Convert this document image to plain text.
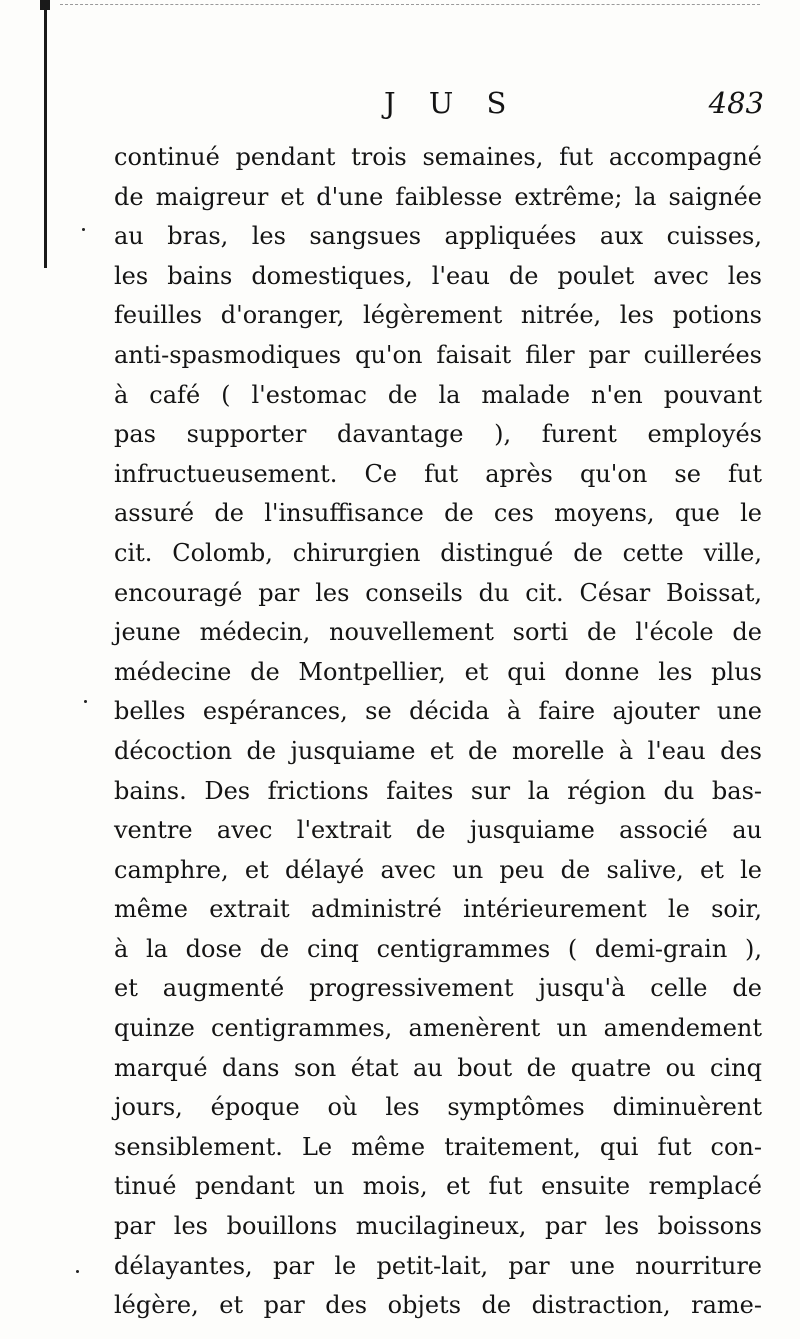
J U S	483
continué pendant trois semaines, fut accompagné
de maigreur et d'une faiblesse extrême; la saignée
au bras, les sangsues appliquées aux cuisses,
les bains domestiques, l'eau de poulet avec les
feuilles d'oranger, légèrement nitrée, les potions
anti-spasmodiques qu'on faisait filer par cuillerées
à café ( l'estomac de la malade n'en pouvant
pas supporter davantage ), furent employés
infructueusement. Ce fut après qu'on se fut
assuré de l'insuffisance de ces moyens, que le
cit. Colomb, chirurgien distingué de cette ville,
encouragé par les conseils du cit. César Boissat,
jeune médecin, nouvellement sorti de l'école de
médecine de Montpellier, et qui donne les plus
belles espérances, se décida à faire ajouter une
décoction de jusquiame et de morelle à l'eau des
bains. Des frictions faites sur la région du bas-
ventre avec l'extrait de jusquiame associé au
camphre, et délayé avec un peu de salive, et le
même extrait administré intérieurement le soir,
à la dose de cinq centigrammes ( demi-grain ),
et augmenté progressivement jusqu'à celle de
quinze centigrammes, amenèrent un amendement
marqué dans son état au bout de quatre ou cinq
jours, époque où les symptômes diminuèrent
sensiblement. Le même traitement, qui fut con-
tinué pendant un mois, et fut ensuite remplacé
par les bouillons mucilagineux, par les boissons
délayantes, par le petit-lait, par une nourriture
légère, et par des objets de distraction, rame-
